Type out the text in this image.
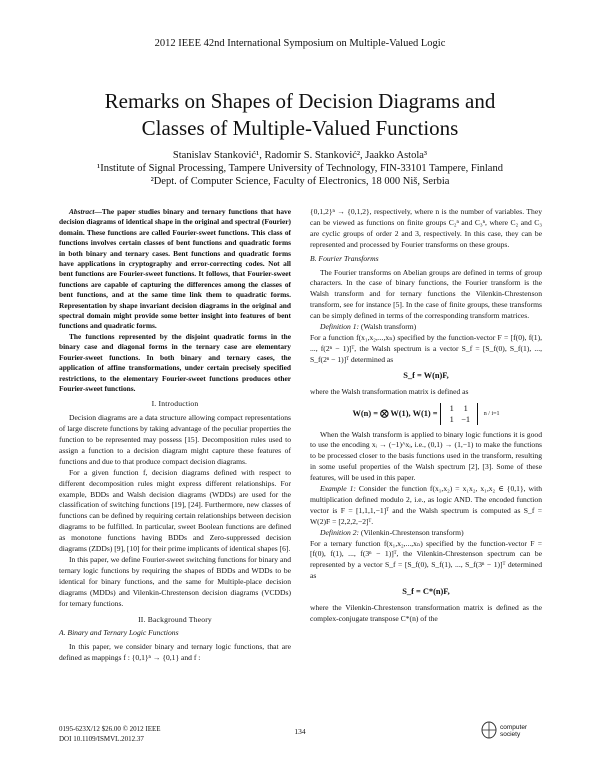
2012 IEEE 42nd International Symposium on Multiple-Valued Logic
Remarks on Shapes of Decision Diagrams and
Classes of Multiple-Valued Functions
Stanislav Stanković¹, Radomir S. Stanković², Jaakko Astola³
¹Institute of Signal Processing, Tampere University of Technology, FIN-33101 Tampere, Finland
²Dept. of Computer Science, Faculty of Electronics, 18 000 Niš, Serbia

Abstract—The paper studies binary and ternary functions that have decision diagrams of identical shape in the original and spectral (Fourier) domain. These functions are called Fourier-sweet functions. This class of functions involves certain classes of bent functions and quadratic forms in both binary and ternary cases. Bent functions and quadratic forms have applications in cryptography and error-correcting codes. Not all bent functions are Fourier-sweet functions. It follows, that Fourier-sweet functions are capable of capturing the differences among the classes of bent functions, and at the same time link them to quadratic forms. Representation by shape invariant decision diagrams in the original and spectral domain might provide some better insight into features of bent functions and quadratic forms.

The functions represented by the disjoint quadratic forms in the binary case and diagonal forms in the ternary case are elementary Fourier-sweet functions. In both binary and ternary cases, the application of affine transformations, under certain precisely specified restrictions, to the elementary Fourier-sweet functions produces other Fourier-sweet functions.

I. Introduction

Decision diagrams are a data structure allowing compact representations of large discrete functions by taking advantage of the peculiar properties the function to be represented may possess [15]. Decomposition rules used to assign a function to a decision diagram might capture these features of functions and due to that produce compact decision diagrams.

For a given function f, decision diagrams defined with respect to different decomposition rules might express different relationships. For example, BDDs and Walsh decision diagrams (WDDs) are used for the classification of switching functions [19], [24]. Furthermore, new classes of functions can be defined by requiring certain relationships between decision diagrams to be fulfilled. In particular, sweet Boolean functions are defined as monotone functions having BDDs and Zero-suppressed decision diagrams (ZDDs) [9], [10] for their prime implicants of identical shapes [6].

In this paper, we define Fourier-sweet switching functions for binary and ternary logic functions by requiring the shapes of BDDs and WDDs to be identical for binary functions, and the same for Multiple-place decision diagrams (MDDs) and Vilenkin-Chrestenson decision diagrams (VCDDs) for ternary functions.

II. Background Theory
A. Binary and Ternary Logic Functions

In this paper, we consider binary and ternary logic functions, that are defined as mappings f : {0,1}ⁿ → {0,1} and f :

{0,1,2}ⁿ → {0,1,2}, respectively, where n is the number of variables. They can be viewed as functions on finite groups C₂ⁿ and C₃ⁿ, where C₂ and C₃ are cyclic groups of order 2 and 3, respectively. In this case, they can be represented and processed by Fourier transforms on these groups.

B. Fourier Transforms

The Fourier transforms on Abelian groups are defined in terms of group characters. In the case of binary functions, the Fourier transform is the Walsh transform and for ternary functions the Vilenkin-Chrestenson transform, see for instance [5]. In the case of finite groups, these transforms can be simply defined in terms of the corresponding transform matrices.

Definition 1: (Walsh transform)

For a function f(x₁,x₂,...,xₙ) specified by the function-vector F = [f(0), f(1), ..., f(2ⁿ − 1)]ᵀ, the Walsh spectrum is a vector S_f = [S_f(0), S_f(1), ..., S_f(2ⁿ − 1)]ᵀ determined as

S_f = W(n)F,

where the Walsh transformation matrix is defined as

W(n) = ⨂ W(1), W(1) = 1 1
1 −1 n / i=1

When the Walsh transform is applied to binary logic functions it is good to use the encoding xᵢ → (−1)^xᵢ, i.e., (0,1) → (1,−1) to make the functions to be processed closer to the basis functions used in the transform, resulting in some useful properties of the Walsh spectrum [2], [3]. Some of these features, will be used in this paper.

Example 1: Consider the function f(x₁,x₂) = x₁x₂, x₁,x₂ ∈ {0,1}, with multiplication defined modulo 2, i.e., as logic AND. The encoded function vector is F = [1,1,1,−1]ᵀ and the Walsh spectrum is computed as S_f = W(2)F = [2,2,2,−2]ᵀ.

Definition 2: (Vilenkin-Chrestenson transform)

For a ternary function f(x₁,x₂,...,xₙ) specified by the function-vector F = [f(0), f(1), ..., f(3ⁿ − 1)]ᵀ, the Vilenkin-Chrestenson spectrum can be represented by a vector S_f = [S_f(0), S_f(1), ..., S_f(3ⁿ − 1)]ᵀ determined as

S_f = C*(n)F,

where the Vilenkin-Chrestenson transformation matrix is defined as the complex-conjugate transpose C*(n) of the

0195-623X/12 $26.00 © 2012 IEEE
DOI 10.1109/ISMVL.2012.37
134	computer
society
